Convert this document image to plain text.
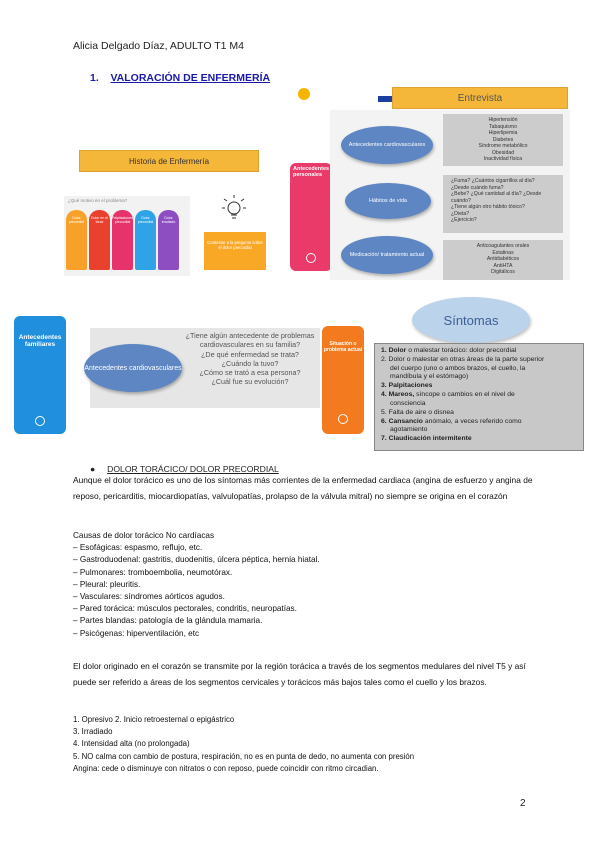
Alicia Delgado Díaz, ADULTO T1 M4
1. VALORACIÓN DE ENFERMERÍA
Entrevista
Historia de Enfermería
¿Qué motivo en el problema?
Dolor precordial
Dolor en el tórax
Palpitaciones precordial
Dolor precordial
Dolor irradiado
Contestar a la pregunta sobre el dolor precordial
Antecedentes personales
Antecedentes cardiovasculares
Hábitos de vida
Medicación/ tratamiento actual
Hipertensión
Tabaquismo
Hiperlipemia
Diabetes
Síndrome metabólico
Obesidad
Inactividad física
¿Fuma? ¿Cuántos cigarrillos al día?
¿Desde cuándo fuma?
¿Bebe? ¿Qué cantidad al día? ¿Desde cuándo?
¿Tiene algún otro hábito tóxico?
¿Dieta?
¿Ejercicio?
Anticoagulantes orales
Estatinas
Antidiabéticos
AntiHTA
Digitálicos
Antecedentes familiares
Antecedentes cardiovasculares
¿Tiene algún antecedente de problemas cardiovasculares en su familia?
¿De qué enfermedad se trata?
¿Cuándo la tuvo?
¿Cómo se trató a esa persona?
¿Cuál fue su evolución?
Situación o problema actual
Síntomas
1. Dolor o malestar torácico: dolor precordial
2. Dolor o malestar en otras áreas de la parte superior
del cuerpo (uno o ambos brazos, el cuello, la
mandíbula y el estómago)
3. Palpitaciones
4. Mareos, síncope o cambios en el nivel de
consciencia
5. Falta de aire o disnea
6. Cansancio anómalo, a veces referido como
agotamiento
7. Claudicación intermitente
● DOLOR TORÁCICO/ DOLOR PRECORDIAL
Aunque el dolor torácico es uno de los síntomas más corrientes de la enfermedad cardiaca (angina de esfuerzo y angina de reposo, pericarditis, miocardiopatías, valvulopatías, prolapso de la válvula mitral) no siempre se origina en el corazón
Causas de dolor torácico No cardíacas
– Esofágicas: espasmo, reflujo, etc.
– Gastroduodenal: gastritis, duodenitis, úlcera péptica, hernia hiatal.
– Pulmonares: tromboembolia, neumotórax.
– Pleural: pleuritis.
– Vasculares: síndromes aórticos agudos.
– Pared torácica: músculos pectorales, condritis, neuropatías.
– Partes blandas: patología de la glándula mamaria.
– Psicógenas: hiperventilación, etc
El dolor originado en el corazón se transmite por la región torácica a través de los segmentos medulares del nivel T5 y así puede ser referido a áreas de los segmentos cervicales y torácicos más bajos tales como el cuello y los brazos.
1. Opresivo 2. Inicio retroesternal o epigástrico
3. Irradiado
4. Intensidad alta (no prolongada)
5. NO calma con cambio de postura, respiración, no es en punta de dedo, no aumenta con presión
Angina: cede o disminuye con nitratos o con reposo, puede coincidir con ritmo circadian.
2
